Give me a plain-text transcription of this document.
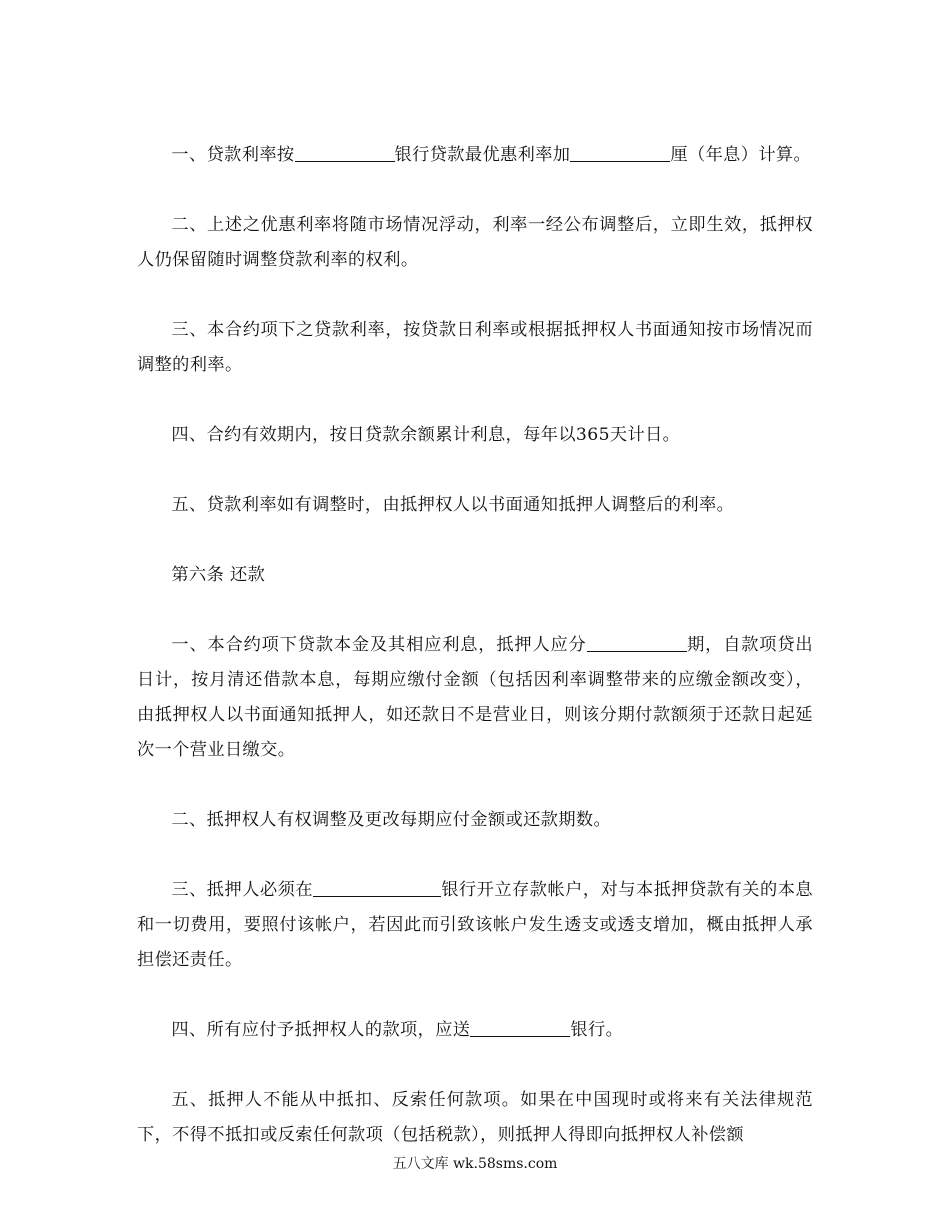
一、贷款利率按	银行贷款最优惠利率加	厘（年息）计算。

二、上述之优惠利率将随市场情况浮动，利率一经公布调整后，立即生效，抵押权人仍保留随时调整贷款利率的权利。

三、本合约项下之贷款利率，按贷款日利率或根据抵押权人书面通知按市场情况而调整的利率。

四、合约有效期内，按日贷款余额累计利息，每年以365天计日。

五、贷款利率如有调整时，由抵押权人以书面通知抵押人调整后的利率。

第六条 还款

一、本合约项下贷款本金及其相应利息，抵押人应分	期，自款项贷出日计，按月清还借款本息，每期应缴付金额（包括因利率调整带来的应缴金额改变），由抵押权人以书面通知抵押人，如还款日不是营业日，则该分期付款额须于还款日起延次一个营业日缴交。

二、抵押权人有权调整及更改每期应付金额或还款期数。

三、抵押人必须在	银行开立存款帐户，对与本抵押贷款有关的本息和一切费用，要照付该帐户，若因此而引致该帐户发生透支或透支增加，概由抵押人承担偿还责任。

四、所有应付予抵押权人的款项，应送	银行。

五、抵押人不能从中抵扣、反索任何款项。如果在中国现时或将来有关法律规范下，不得不抵扣或反索任何款项（包括税款），则抵押人得即向抵押权人补偿额

五八文库 wk.58sms.com
